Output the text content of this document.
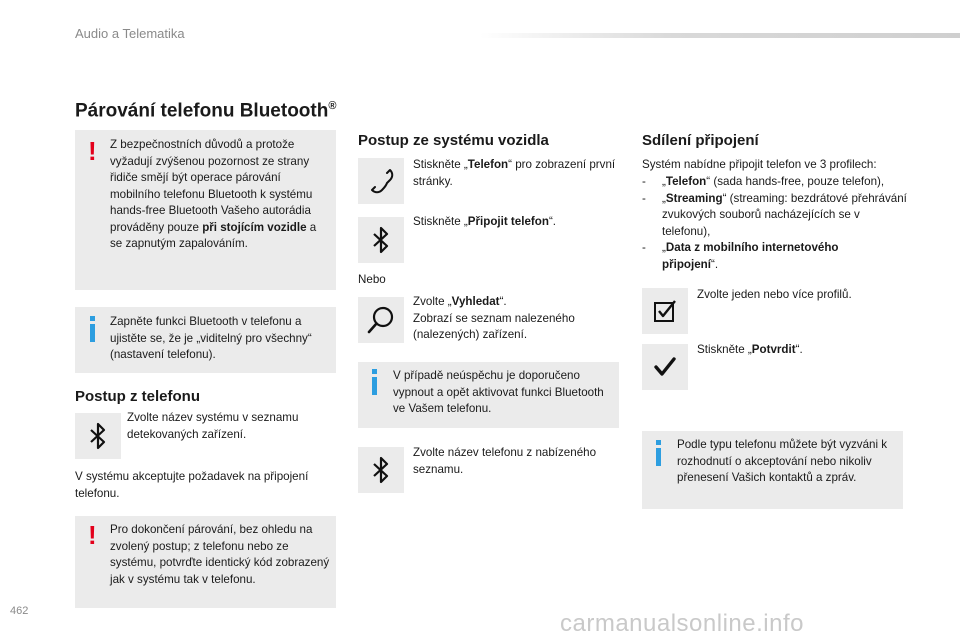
Audio a Telematika
Párování telefonu Bluetooth®
! Z bezpečnostních důvodů a protože vyžadují zvýšenou pozornost ze strany řidiče smějí být operace párování mobilního telefonu Bluetooth k systému hands-free Bluetooth Vašeho autorádia prováděny pouze při stojícím vozidle a se zapnutým zapalováním.
Zapněte funkci Bluetooth v telefonu a ujistěte se, že je „viditelný pro všechny“ (nastavení telefonu).
Postup z telefonu
Zvolte název systému v seznamu detekovaných zařízení.
V systému akceptujte požadavek na připojení telefonu.
! Pro dokončení párování, bez ohledu na zvolený postup; z telefonu nebo ze systému, potvrďte identický kód zobrazený jak v systému tak v telefonu.
Postup ze systému vozidla
Stiskněte „Telefon“ pro zobrazení první stránky.
Stiskněte „Připojit telefon“.
Nebo
Zvolte „Vyhledat“.
Zobrazí se seznam nalezeného (nalezených) zařízení.
V případě neúspěchu je doporučeno vypnout a opět aktivovat funkci Bluetooth ve Vašem telefonu.
Zvolte název telefonu z nabízeného seznamu.
Sdílení připojení
Systém nabídne připojit telefon ve 3 profilech:
-	„Telefon“ (sada hands-free, pouze telefon),
-	„Streaming“ (streaming: bezdrátové přehrávání zvukových souborů nacházejících se v telefonu),
-	„Data z mobilního internetového připojení“.
Zvolte jeden nebo více profilů.
Stiskněte „Potvrdit“.
Podle typu telefonu můžete být vyzváni k rozhodnutí o akceptování nebo nikoliv přenesení Vašich kontaktů a zpráv.
462	carmanualsonline.info
